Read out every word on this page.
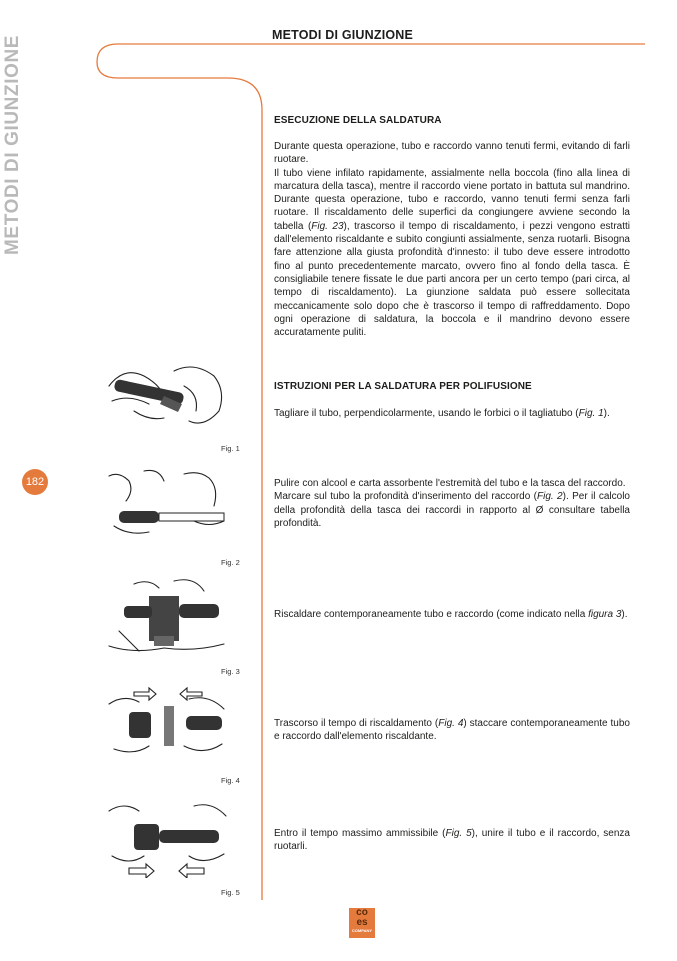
METODI DI GIUNZIONE
METODI DI GIUNZIONE
182
ESECUZIONE DELLA SALDATURA

Durante questa operazione, tubo e raccordo vanno tenuti fermi, evitando di farli ruotare.

Il tubo viene infilato rapidamente, assialmente nella boccola (fino alla linea di marcatura della tasca), mentre il raccordo viene portato in battuta sul mandrino. Durante questa operazione, tubo e raccordo, vanno tenuti fermi senza farli ruotare. Il riscaldamento delle superfici da congiungere avviene secondo la tabella (Fig. 23), trascorso il tempo di riscaldamento, i pezzi vengono estratti dall'elemento riscaldante e subito congiunti assialmente, senza ruotarli. Bisogna fare attenzione alla giusta profondità d'innesto: il tubo deve essere introdotto fino al punto precedentemente marcato, ovvero fino al fondo della tasca. È consigliabile tenere fissate le due parti ancora per un certo tempo (pari circa, al tempo di riscaldamento). La giunzione saldata può essere sollecitata meccanicamente solo dopo che è trascorso il tempo di raffreddamento. Dopo ogni operazione di saldatura, la boccola e il mandrino devono essere accuratamente puliti.

ISTRUZIONI PER LA SALDATURA PER POLIFUSIONE

Tagliare il tubo, perpendicolarmente, usando le forbici o il tagliatubo (Fig. 1).

Pulire con alcool e carta assorbente l'estremità del tubo e la tasca del raccordo.

Marcare sul tubo la profondità d'inserimento del raccordo (Fig. 2). Per il calcolo della profondità della tasca dei raccordi in rapporto al Ø consultare tabella profondità.

Riscaldare contemporaneamente tubo e raccordo (come indicato nella figura 3).

Trascorso il tempo di riscaldamento (Fig. 4) staccare contemporaneamente tubo e raccordo dall'elemento riscaldante.

Entro il tempo massimo ammissibile (Fig. 5), unire il tubo e il raccordo, senza ruotarli.

Fig. 1
Fig. 2
Fig. 3
Fig. 4
Fig. 5
co
es
COMPANY
